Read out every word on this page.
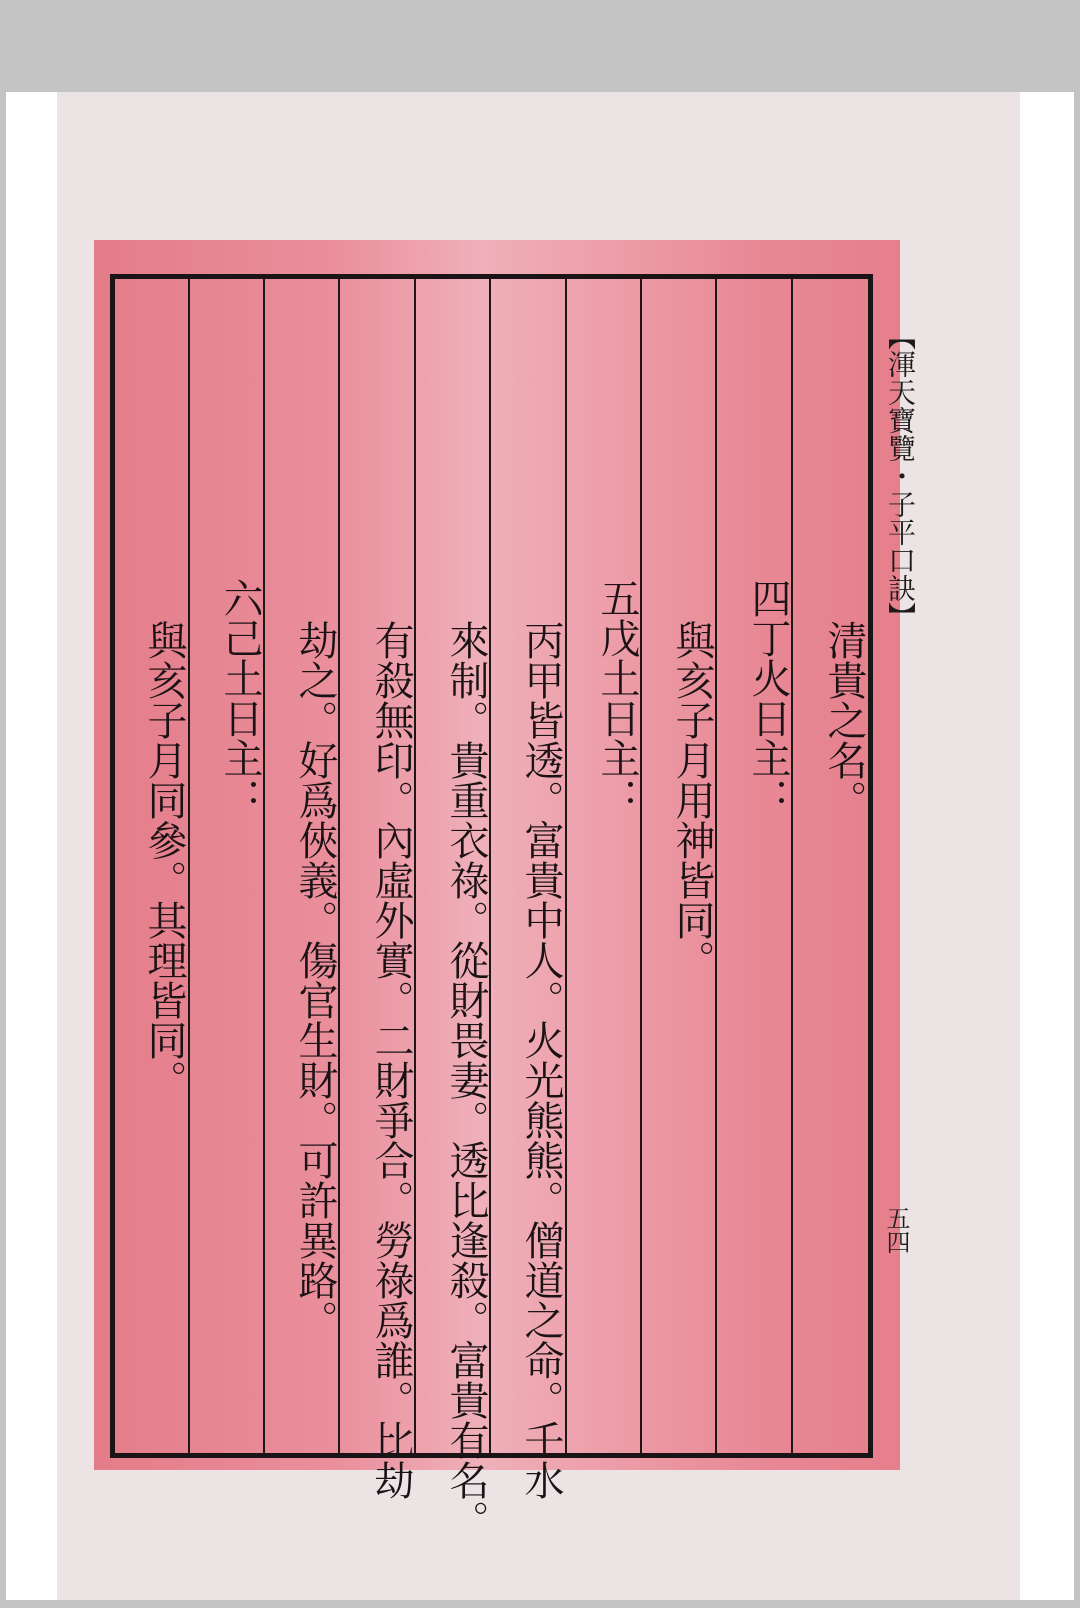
【渾天寶覽・子平口訣】
五四
清貴之名。
四丁火日主：
與亥子月用神皆同。
五戊土日主：
丙甲皆透。富貴中人。火光熊熊。僧道之命。壬水
來制。貴重衣祿。從財畏妻。透比逢殺。富貴有名。
有殺無印。內虛外實。二財爭合。勞祿爲誰。比劫
劫之。好爲俠義。傷官生財。可許異路。
六己土日主：
與亥子月同參。其理皆同。
